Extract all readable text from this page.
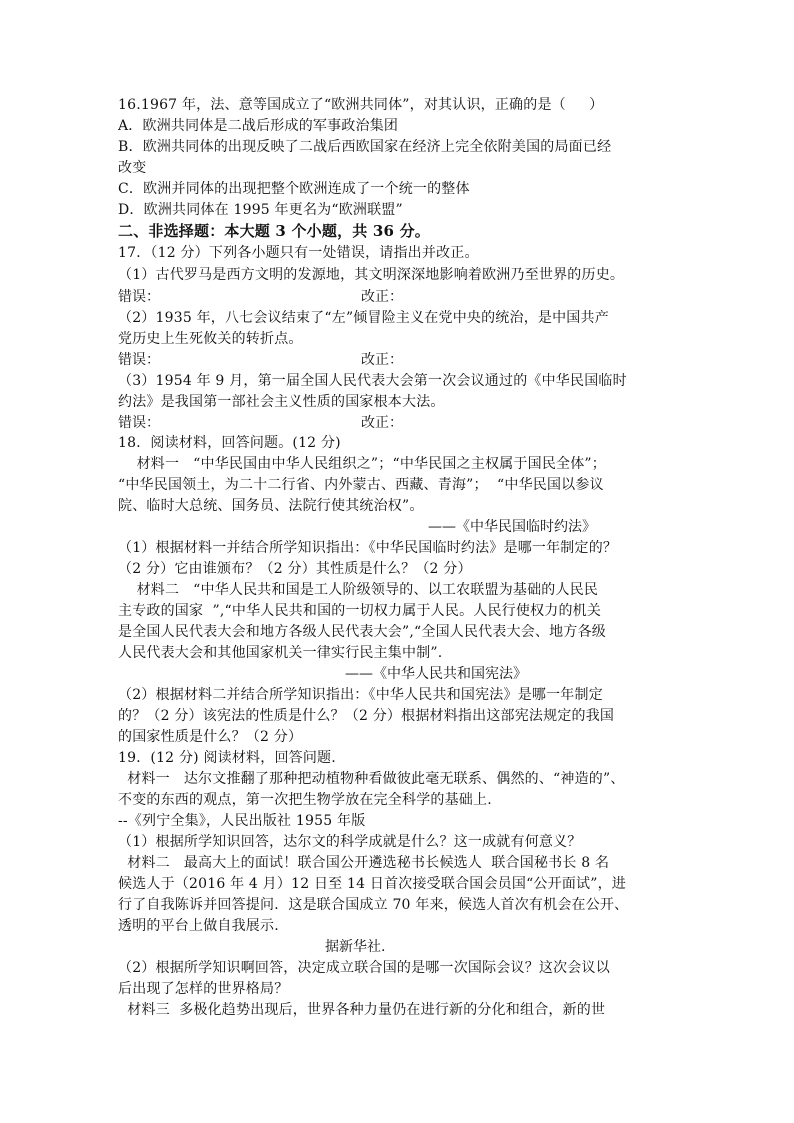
16.1967 年，法、意等国成立了“欧洲共同体”，对其认识，正确的是（     ）
A．欧洲共同体是二战后形成的军事政治集团
B．欧洲共同体的出现反映了二战后西欧国家在经济上完全依附美国的局面已经
改变
C．欧洲并同体的出现把整个欧洲连成了一个统一的整体
D．欧洲共同体在 1995 年更名为“欧洲联盟”
二、非选择题：本大题 3 个小题，共 36 分。
17．（12 分）下列各小题只有一处错误，请指出并改正。
（1）古代罗马是西方文明的发源地，其文明深深地影响着欧洲乃至世界的历史。
错误：	改正：
（2）1935 年，八七会议结束了“左”倾冒险主义在党中央的统治，是中国共产
党历史上生死攸关的转折点。
错误：	改正：
（3）1954 年 9 月，第一届全国人民代表大会第一次会议通过的《中华民国临时
约法》是我国第一部社会主义性质的国家根本大法。
错误：	改正：
18．阅读材料，回答问题。(12 分)
材料一   “中华民国由中华人民组织之”；“中华民国之主权属于国民全体”；
“中华民国领土，为二十二行省、内外蒙古、西藏、青海”；  “中华民国以参议
院、临时大总统、国务员、法院行使其统治权”。
——《中华民国临时约法》
（1）根据材料一并结合所学知识指出：《中华民国临时约法》是哪一年制定的？
（2 分）它由谁颁布？（2 分）其性质是什么？（2 分）
材料二   “中华人民共和国是工人阶级领导的、以工农联盟为基础的人民民
主专政的国家  ”,“中华人民共和国的一切权力属于人民。人民行使权力的机关
是全国人民代表大会和地方各级人民代表大会”,“全国人民代表大会、地方各级
人民代表大会和其他国家机关一律实行民主集中制”.
——《中华人民共和国宪法》
（2）根据材料二并结合所学知识指出：《中华人民共和国宪法》是哪一年制定
的？（2 分）该宪法的性质是什么？（2 分）根据材料指出这部宪法规定的我国
的国家性质是什么？（2 分）
19．(12 分) 阅读材料，回答问题.
材料一   达尔文推翻了那种把动植物种看做彼此毫无联系、偶然的、“神造的”、
不变的东西的观点，第一次把生物学放在完全科学的基础上.
--《列宁全集》，人民出版社 1955 年版
（1）根据所学知识回答，达尔文的科学成就是什么？这一成就有何意义？
材料二   最高大上的面试！联合国公开遴选秘书长候选人  联合国秘书长 8 名
候选人于（2016 年 4 月）12 日至 14 日首次接受联合国会员国“公开面试”，进
行了自我陈诉并回答提问．这是联合国成立 70 年来，候选人首次有机会在公开、
透明的平台上做自我展示.
据新华社.
（2）根据所学知识啊回答，决定成立联合国的是哪一次国际会议？这次会议以
后出现了怎样的世界格局？
材料三  多极化趋势出现后，世界各种力量仍在进行新的分化和组合，新的世
